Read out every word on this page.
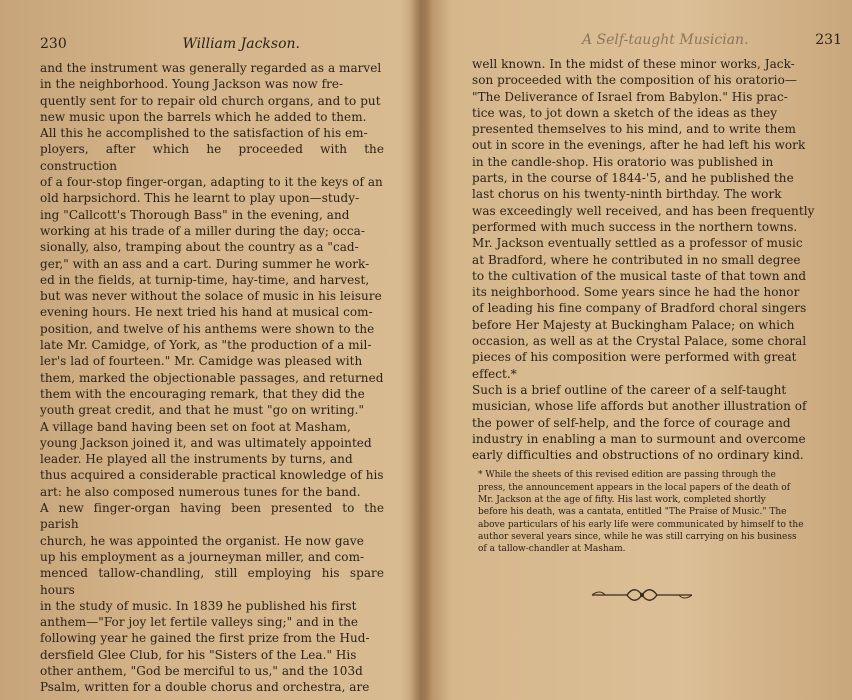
230	William Jackson.
and the instrument was generally regarded as a marvel
in the neighborhood. Young Jackson was now fre-
quently sent for to repair old church organs, and to put
new music upon the barrels which he added to them.
All this he accomplished to the satisfaction of his em-
ployers, after which he proceeded with the construction
of a four-stop finger-organ, adapting to it the keys of an
old harpsichord. This he learnt to play upon—study-
ing "Callcott's Thorough Bass" in the evening, and
working at his trade of a miller during the day; occa-
sionally, also, tramping about the country as a "cad-
ger," with an ass and a cart. During summer he work-
ed in the fields, at turnip-time, hay-time, and harvest,
but was never without the solace of music in his leisure
evening hours. He next tried his hand at musical com-
position, and twelve of his anthems were shown to the
late Mr. Camidge, of York, as "the production of a mil-
ler's lad of fourteen." Mr. Camidge was pleased with
them, marked the objectionable passages, and returned
them with the encouraging remark, that they did the
youth great credit, and that he must "go on writing."
A village band having been set on foot at Masham,
young Jackson joined it, and was ultimately appointed
leader. He played all the instruments by turns, and
thus acquired a considerable practical knowledge of his
art: he also composed numerous tunes for the band.
A new finger-organ having been presented to the parish
church, he was appointed the organist. He now gave
up his employment as a journeyman miller, and com-
menced tallow-chandling, still employing his spare hours
in the study of music. In 1839 he published his first
anthem—"For joy let fertile valleys sing;" and in the
following year he gained the first prize from the Hud-
dersfield Glee Club, for his "Sisters of the Lea." His
other anthem, "God be merciful to us," and the 103d
Psalm, written for a double chorus and orchestra, are
A Self-taught Musician.	231
well known. In the midst of these minor works, Jack-
son proceeded with the composition of his oratorio—
"The Deliverance of Israel from Babylon." His prac-
tice was, to jot down a sketch of the ideas as they
presented themselves to his mind, and to write them
out in score in the evenings, after he had left his work
in the candle-shop. His oratorio was published in
parts, in the course of 1844-'5, and he published the
last chorus on his twenty-ninth birthday. The work
was exceedingly well received, and has been frequently
performed with much success in the northern towns.
Mr. Jackson eventually settled as a professor of music
at Bradford, where he contributed in no small degree
to the cultivation of the musical taste of that town and
its neighborhood. Some years since he had the honor
of leading his fine company of Bradford choral singers
before Her Majesty at Buckingham Palace; on which
occasion, as well as at the Crystal Palace, some choral
pieces of his composition were performed with great
effect.*
Such is a brief outline of the career of a self-taught
musician, whose life affords but another illustration of
the power of self-help, and the force of courage and
industry in enabling a man to surmount and overcome
early difficulties and obstructions of no ordinary kind.
* While the sheets of this revised edition are passing through the
press, the announcement appears in the local papers of the death of
Mr. Jackson at the age of fifty. His last work, completed shortly
before his death, was a cantata, entitled "The Praise of Music." The
above particulars of his early life were communicated by himself to the
author several years since, while he was still carrying on his business
of a tallow-chandler at Masham.
